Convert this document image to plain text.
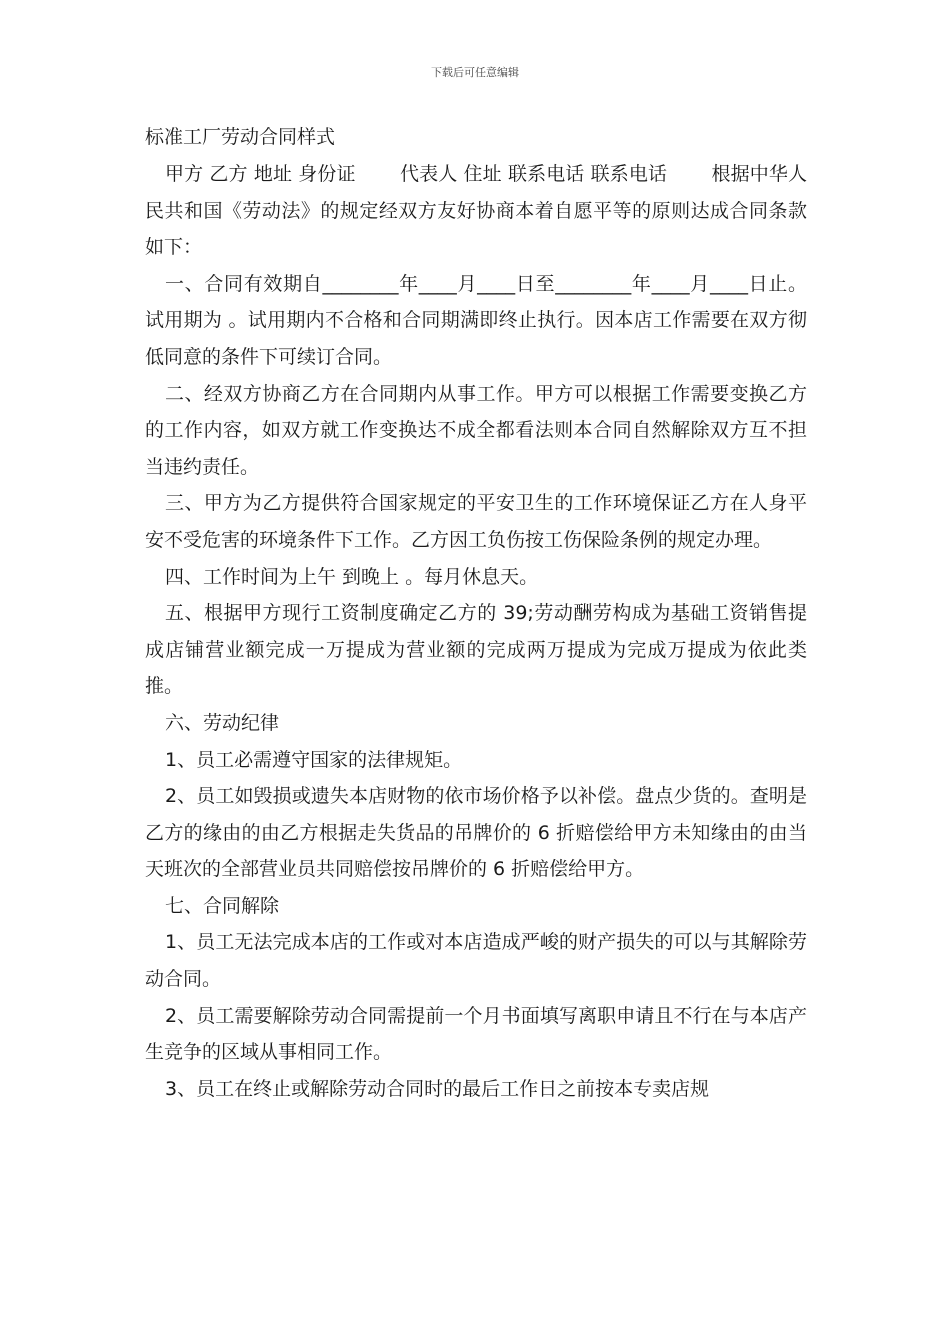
下载后可任意编辑
标准工厂劳动合同样式

甲方 乙方 地址 身份证　　 代表人 住址 联系电话 联系电话　　 根据中华人民共和国《劳动法》的规定经双方友好协商本着自愿平等的原则达成合同条款如下：

一、合同有效期自________年____月____日至________年____月____日止。试用期为 。试用期内不合格和合同期满即终止执行。因本店工作需要在双方彻低同意的条件下可续订合同。

二、经双方协商乙方在合同期内从事工作。甲方可以根据工作需要变换乙方的工作内容，如双方就工作变换达不成全都看法则本合同自然解除双方互不担当违约责任。

三、甲方为乙方提供符合国家规定的平安卫生的工作环境保证乙方在人身平安不受危害的环境条件下工作。乙方因工负伤按工伤保险条例的规定办理。

四、工作时间为上午 到晚上 。每月休息天。

五、根据甲方现行工资制度确定乙方的 39;劳动酬劳构成为基础工资销售提成店铺营业额完成一万提成为营业额的完成两万提成为完成万提成为依此类推。

六、劳动纪律

1、员工必需遵守国家的法律规矩。

2、员工如毁损或遗失本店财物的依市场价格予以补偿。盘点少货的。查明是乙方的缘由的由乙方根据走失货品的吊牌价的 6 折赔偿给甲方未知缘由的由当天班次的全部营业员共同赔偿按吊牌价的 6 折赔偿给甲方。

七、合同解除

1、员工无法完成本店的工作或对本店造成严峻的财产损失的可以与其解除劳动合同。

2、员工需要解除劳动合同需提前一个月书面填写离职申请且不行在与本店产生竞争的区域从事相同工作。

3、员工在终止或解除劳动合同时的最后工作日之前按本专卖店规
